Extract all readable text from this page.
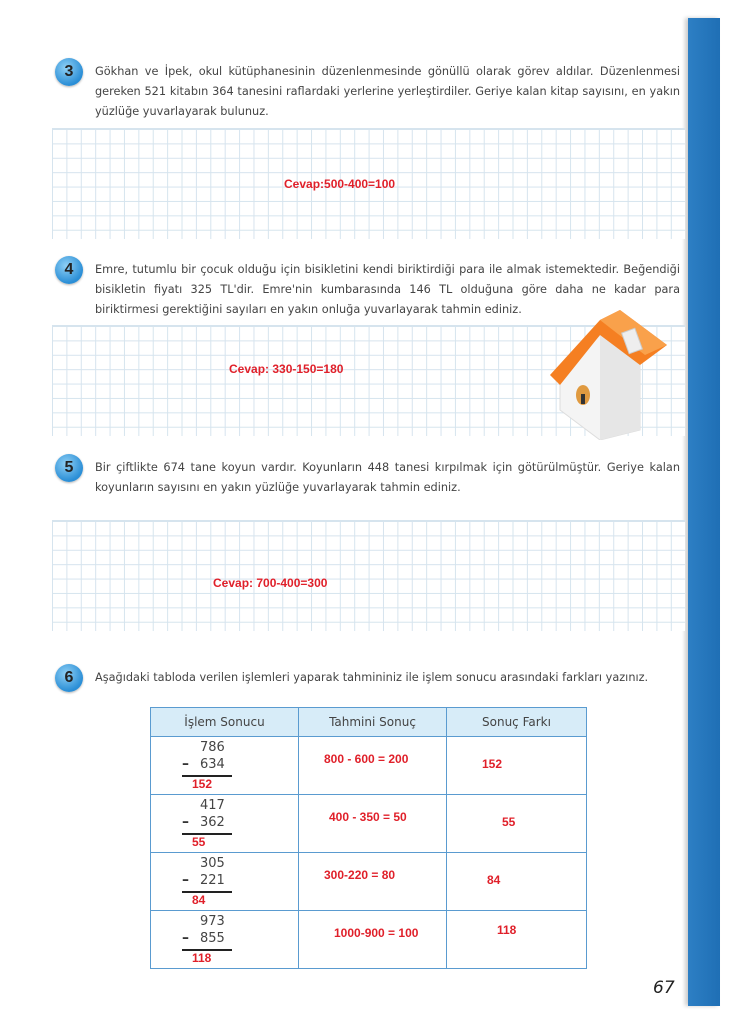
3	Gökhan ve İpek, okul kütüphanesinin düzenlenmesinde gönüllü olarak görev aldılar. Düzenlenmesi gereken 521 kitabın 364 tanesini raflardaki yerlerine yerleştirdiler. Geriye kalan kitap sayısını, en yakın yüzlüğe yuvarlayarak bulunuz.
Cevap:500-400=100
4	Emre, tutumlu bir çocuk olduğu için bisikletini kendi biriktirdiği para ile almak istemektedir. Beğendiği bisikletin fiyatı 325 TL'dir. Emre'nin kumbarasında 146 TL olduğuna göre daha ne kadar para biriktirmesi gerektiğini sayıları en yakın onluğa yuvarlayarak tahmin ediniz.
Cevap: 330-150=180
5	Bir çiftlikte 674 tane koyun vardır. Koyunların 448 tanesi kırpılmak için götürülmüştür. Geriye kalan koyunların sayısını en yakın yüzlüğe yuvarlayarak tahmin ediniz.
Cevap: 700-400=300
6	Aşağıdaki tabloda verilen işlemleri yaparak tahmininiz ile işlem sonucu arasındaki farkları yazınız.
İşlem Sonucu	Tahmini Sonuç	Sonuç Farkı

786
– 634
152	800 - 600 = 200	152

417
– 362
55	400 - 350 = 50	55

305
– 221
84	300-220 = 80	84

973
– 855
118	1000-900 = 100	118
67
